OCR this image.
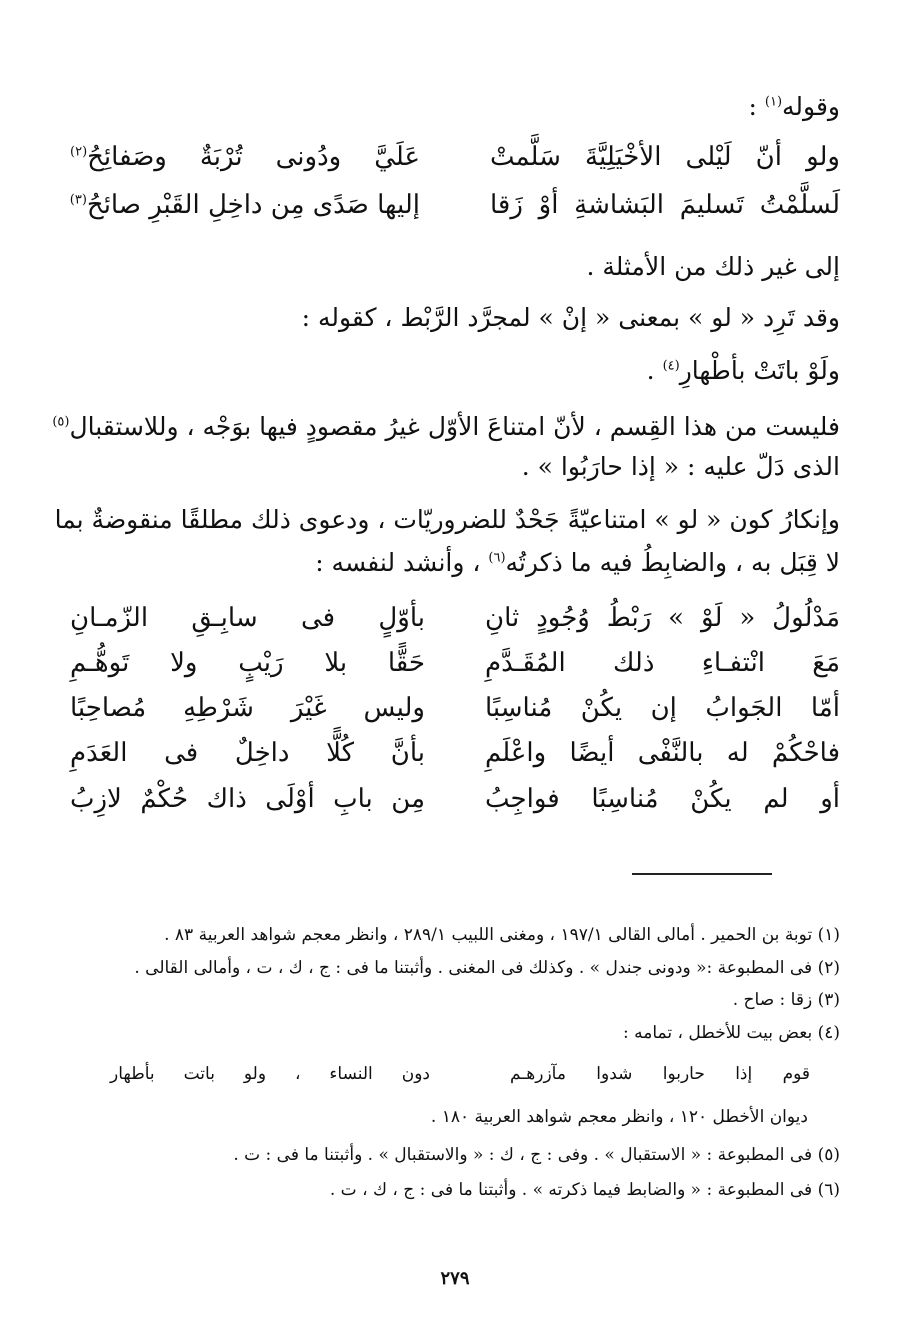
وقوله$^{(١)}$ :
ولو أنّ لَيْلى الأخْيَلِيَّةَ سَلَّمتْ
عَلَيَّ ودُونى تُرْبَةٌ وصَفائِحُ$^{(٢)}$
لَسلَّمْتُ تَسليمَ البَشاشةِ أوْ زَقا
إليها صَدًى مِن داخِلِ القَبْرِ صائحُ$^{(٣)}$
إلى غير ذلك من الأمثلة .
وقد تَرِد « لو » بمعنى « إنْ » لمجرَّد الرَّبْط ، كقوله :
ولَوْ باتَتْ بأطْهارِ$^{(٤)}$ .
فليست من هذا القِسم ، لأنّ امتناعَ الأوّل غيرُ مقصودٍ فيها بوَجْه ، وللاستقبال$^{(٥)}$
الذى دَلّ عليه : « إذا حارَبُوا » .
وإنكارُ كون « لو » امتناعيّةً جَحْدٌ للضروريّات ، ودعوى ذلك مطلقًا منقوضةٌ بما
لا قِبَل به ، والضابِطُ فيه ما ذكرتُه$^{(٦)}$ ، وأنشد لنفسه :
مَدْلُولُ « لَوْ » رَبْطُ وُجُودٍ ثانِ
بأوّلٍ فى سابِـقِ الزّمـانِ
مَعَ انْتفـاءِ ذلك المُقَـدَّمِ
حَقًّا بلا رَيْبٍ ولا تَوهُّـمِ
أمّا الجَوابُ إن يكُنْ مُناسِبًا
وليس غَيْرَ شَرْطِهِ مُصاحِبًا
فاحْكُمْ له بالنَّفْى أيضًا واعْلَمِ
بأنَّ كُلًّا داخِلٌ فى العَدَمِ
أو لم يكُنْ مُناسِبًا فواجِبُ
مِن بابِ أوْلَى ذاك حُكْمٌ لازِبُ
(١) توبة بن الحمير . أمالى القالى ١٩٧/١ ، ومغنى اللبيب ٢٨٩/١ ، وانظر معجم شواهد العربية ٨٣ .
(٢) فى المطبوعة :« ودونى جندل » . وكذلك فى المغنى . وأثبتنا ما فى : ج ، ك ، ت ، وأمالى القالى .
(٣) زقا : صاح .
(٤) بعض بيت للأخطل ، تمامه :
قوم إذا حاربوا شدوا مآزرهـم
دون النساء ، ولو باتت بأطهار
ديوان الأخطل ١٢٠ ، وانظر معجم شواهد العربية ١٨٠ .
(٥) فى المطبوعة : « الاستقبال » . وفى : ج ، ك : « والاستقبال » . وأثبتنا ما فى : ت .
(٦) فى المطبوعة : « والضابط فيما ذكرته » . وأثبتنا ما فى : ج ، ك ، ت .
٢٧٩
